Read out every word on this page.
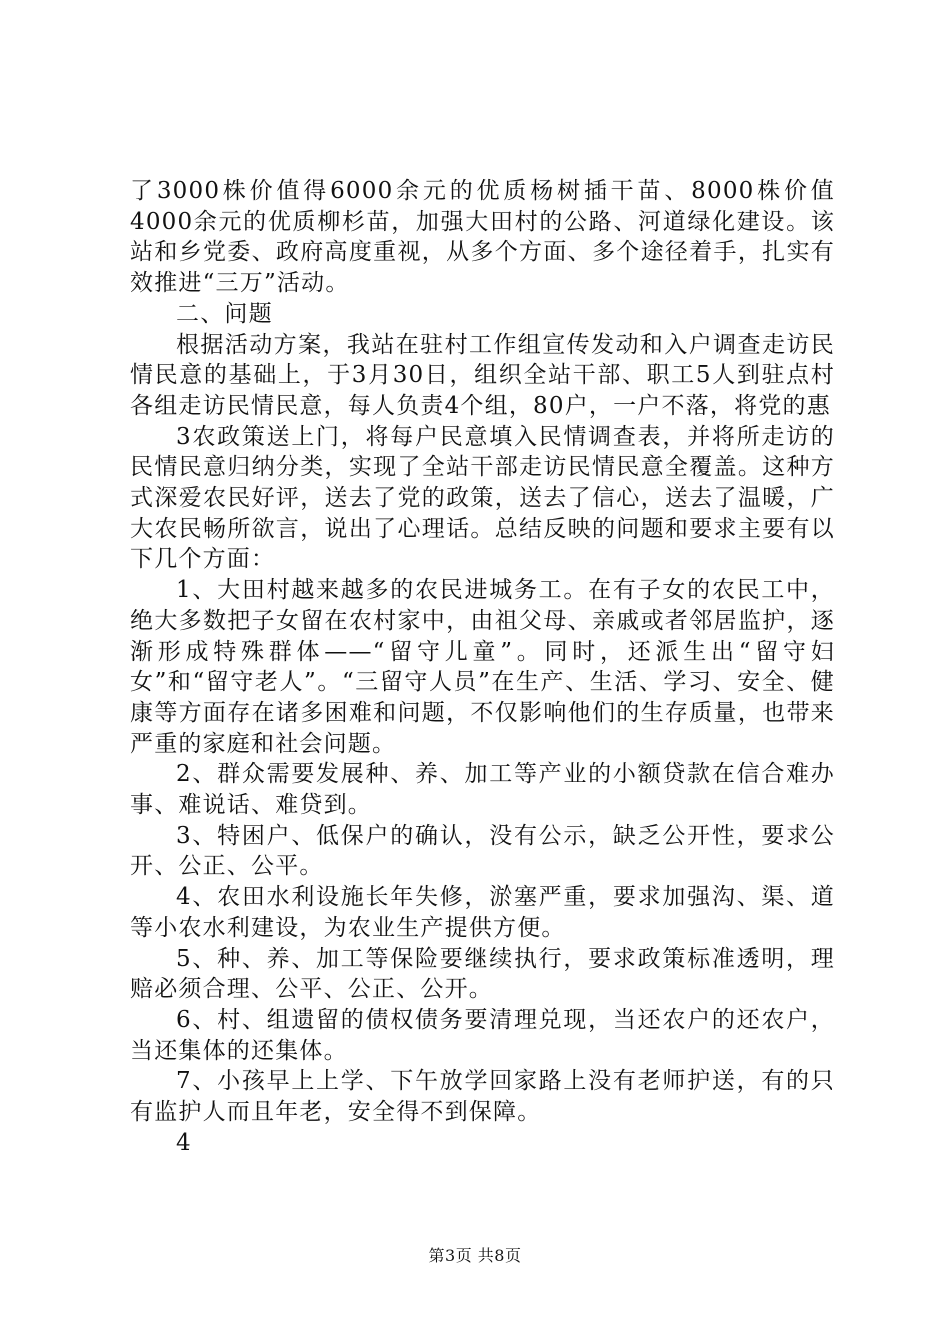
了3000株价值得6000余元的优质杨树插干苗、8000株价值4000余元的优质柳杉苗，加强大田村的公路、河道绿化建设。该站和乡党委、政府高度重视，从多个方面、多个途径着手，扎实有效推进“三万”活动。

二、问题

根据活动方案，我站在驻村工作组宣传发动和入户调查走访民情民意的基础上，于3月30日，组织全站干部、职工5人到驻点村各组走访民情民意，每人负责4个组，80户，一户不落，将党的惠

3农政策送上门，将每户民意填入民情调查表，并将所走访的民情民意归纳分类，实现了全站干部走访民情民意全覆盖。这种方式深爱农民好评，送去了党的政策，送去了信心，送去了温暖，广大农民畅所欲言，说出了心理话。总结反映的问题和要求主要有以下几个方面：

1、大田村越来越多的农民进城务工。在有子女的农民工中，绝大多数把子女留在农村家中，由祖父母、亲戚或者邻居监护，逐渐形成特殊群体——“留守儿童”。同时，还派生出“留守妇女”和“留守老人”。“三留守人员”在生产、生活、学习、安全、健康等方面存在诸多困难和问题，不仅影响他们的生存质量，也带来严重的家庭和社会问题。

2、群众需要发展种、养、加工等产业的小额贷款在信合难办事、难说话、难贷到。

3、特困户、低保户的确认，没有公示，缺乏公开性，要求公开、公正、公平。

4、农田水利设施长年失修，淤塞严重，要求加强沟、渠、道等小农水利建设，为农业生产提供方便。

5、种、养、加工等保险要继续执行，要求政策标准透明，理赔必须合理、公平、公正、公开。

6、村、组遗留的债权债务要清理兑现，当还农户的还农户，当还集体的还集体。

7、小孩早上上学、下午放学回家路上没有老师护送，有的只有监护人而且年老，安全得不到保障。

4

第3页 共8页
